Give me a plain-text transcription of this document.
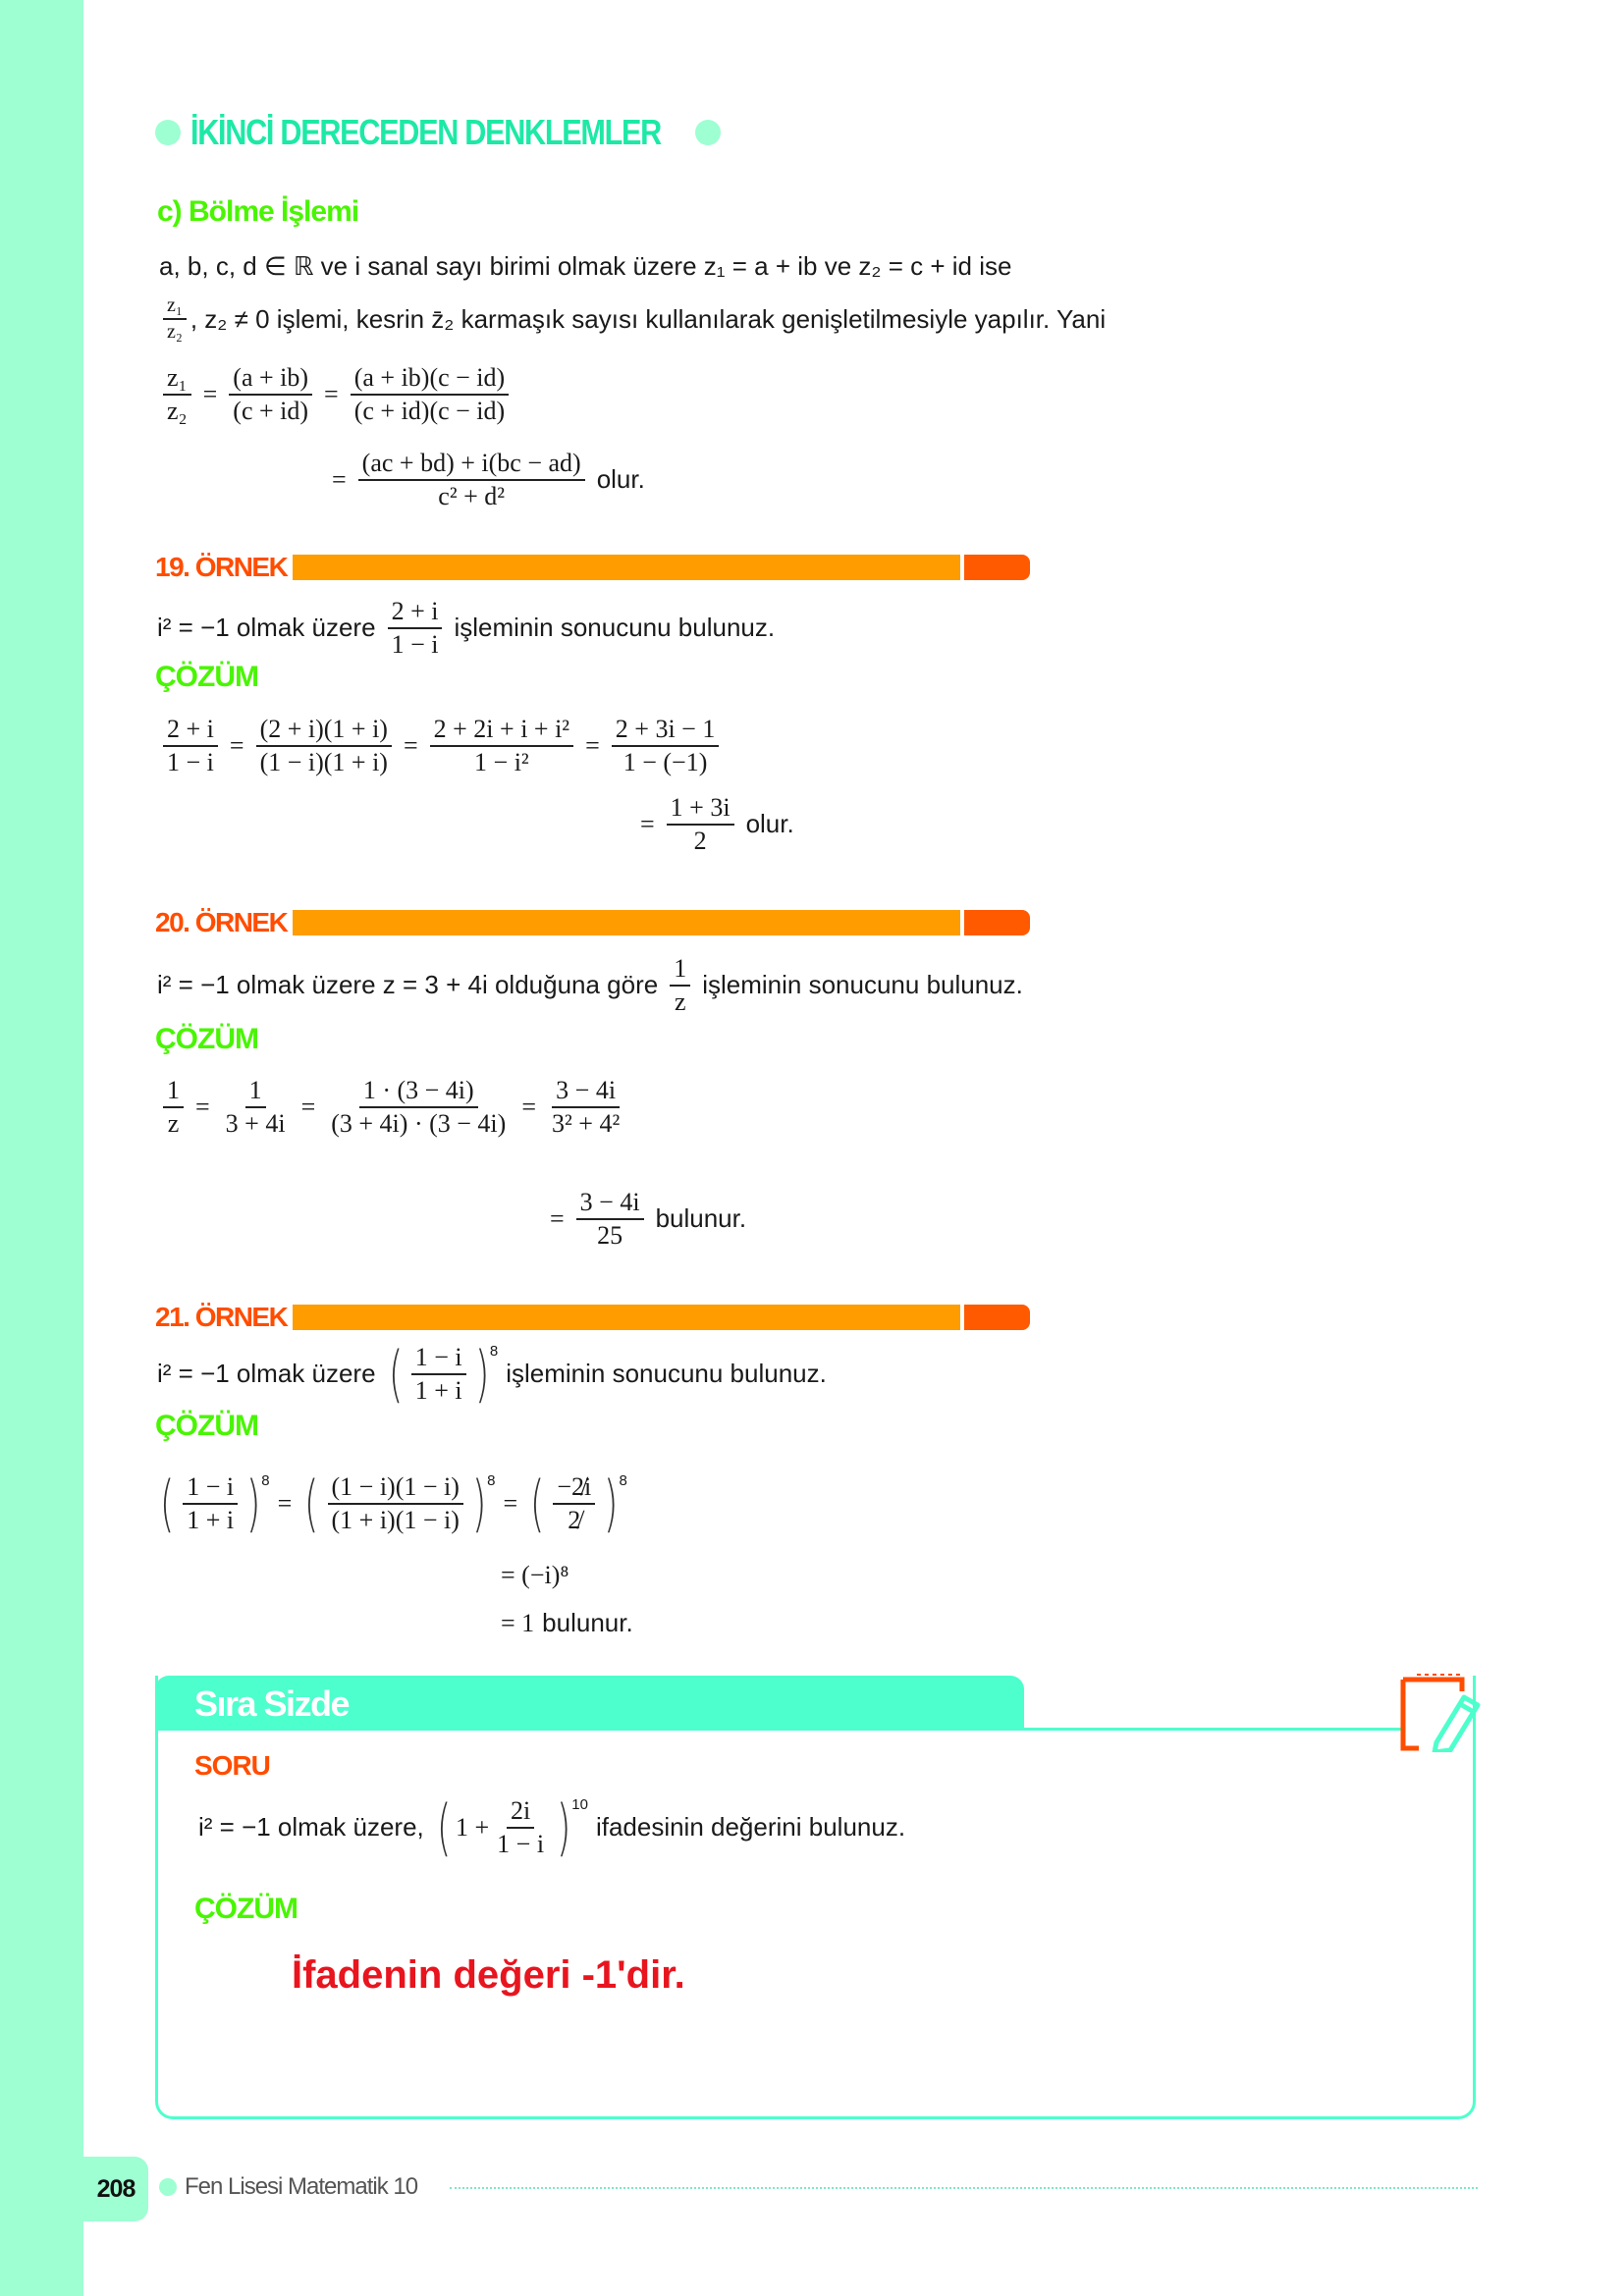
208
İKİNCİ DERECEDEN DENKLEMLER
c) Bölme İşlemi
a, b, c, d ∈ ℝ ve i sanal sayı birimi olmak üzere z₁ = a + ib ve z₂ = c + id ise
$\frac{\text{z₁}}{\text{z₂}}$ , z₂ ≠ 0 işlemi, kesrin z̄₂ karmaşık sayısı kullanılarak genişletilmesiyle yapılır. Yani
$\frac{\text{z₁}}{\text{z₂}} = \frac{(a + ib)}{(c + id)} = \frac{(a + ib)(c - id)}{(c + id)(c - id)}$
= $\frac{(ac + bd) + i(bc - ad)}{\text{c² + d²}}$ olur.
19. ÖRNEK
i² = −1 olmak üzere $\frac{2 + i}{1 - i}$ işleminin sonucunu bulunuz.
ÇÖZÜM
$\frac{2 + i}{1 - i} = \frac{(2 + i)(1 + i)}{(1 - i)(1 + i)} = \frac{\text{2 + 2i + i + i²}}{\text{1 − i²}} = \frac{2 + 3i - 1}{1 - (-1)}$
= $\frac{1 + 3i}{2}$ olur.
20. ÖRNEK
i² = −1 olmak üzere z = 3 + 4i olduğuna göre $\frac{1}{z}$ işleminin sonucunu bulunuz.
ÇÖZÜM
$\frac{1}{z} = \frac{1}{3 + 4i} = \frac{1 \cdot (3 - 4i)}{(3 + 4i) \cdot (3 - 4i)} = \frac{3 - 4i}{\text{3² + 4²}}$
= $\frac{3 - 4i}{25}$ bulunur.
21. ÖRNEK
i² = −1 olmak üzere ( $\frac{1 - i}{1 + i}$ ) 8
işleminin sonucunu bulunuz.
ÇÖZÜM
( $\frac{1 - i}{1 + i}$ ) 8
= ( $\frac{(1 - i)(1 - i)}{(1 + i)(1 - i)}$ ) 8
= ( $\frac{-2̸i}{2̸}$ ) 8
= (−i)⁸
= 1 bulunur.
Sıra Sizde
SORU
i² = −1 olmak üzere, ( $1 + \frac{2i}{1 - i}$ ) 10
ifadesinin değerini bulunuz.
ÇÖZÜM
İfadenin değeri -1'dir.
Fen Lisesi Matematik 10
